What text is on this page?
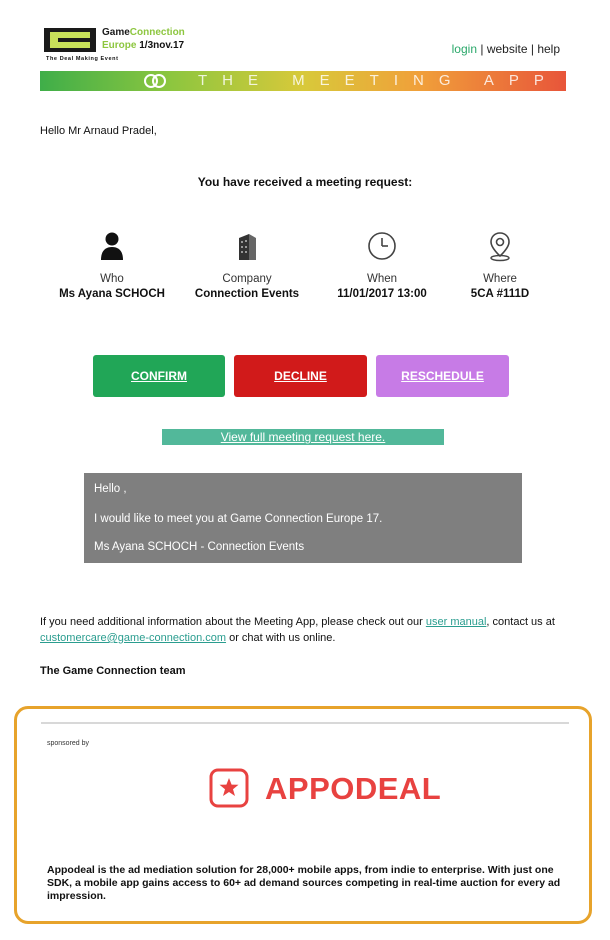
GameConnection
Europe 1/3nov.17
The Deal Making Event
login | website | help
THE MEETING APP
Hello Mr Arnaud Pradel,
You have received a meeting request:
Who
Ms Ayana SCHOCH
Company
Connection Events
When
11/01/2017 13:00
Where
5CA #111D
CONFIRM	DECLINE	RESCHEDULE
View full meeting request here.
Hello ,
I would like to meet you at Game Connection Europe 17.
Ms Ayana SCHOCH - Connection Events
If you need additional information about the Meeting App, please check out our user manual, contact us at customercare@game-connection.com or chat with us online.
The Game Connection team
sponsored by
APPODEAL
Appodeal is the ad mediation solution for 28,000+ mobile apps, from indie to enterprise. With just one SDK, a mobile app gains access to 60+ ad demand sources competing in real-time auction for every ad impression.
